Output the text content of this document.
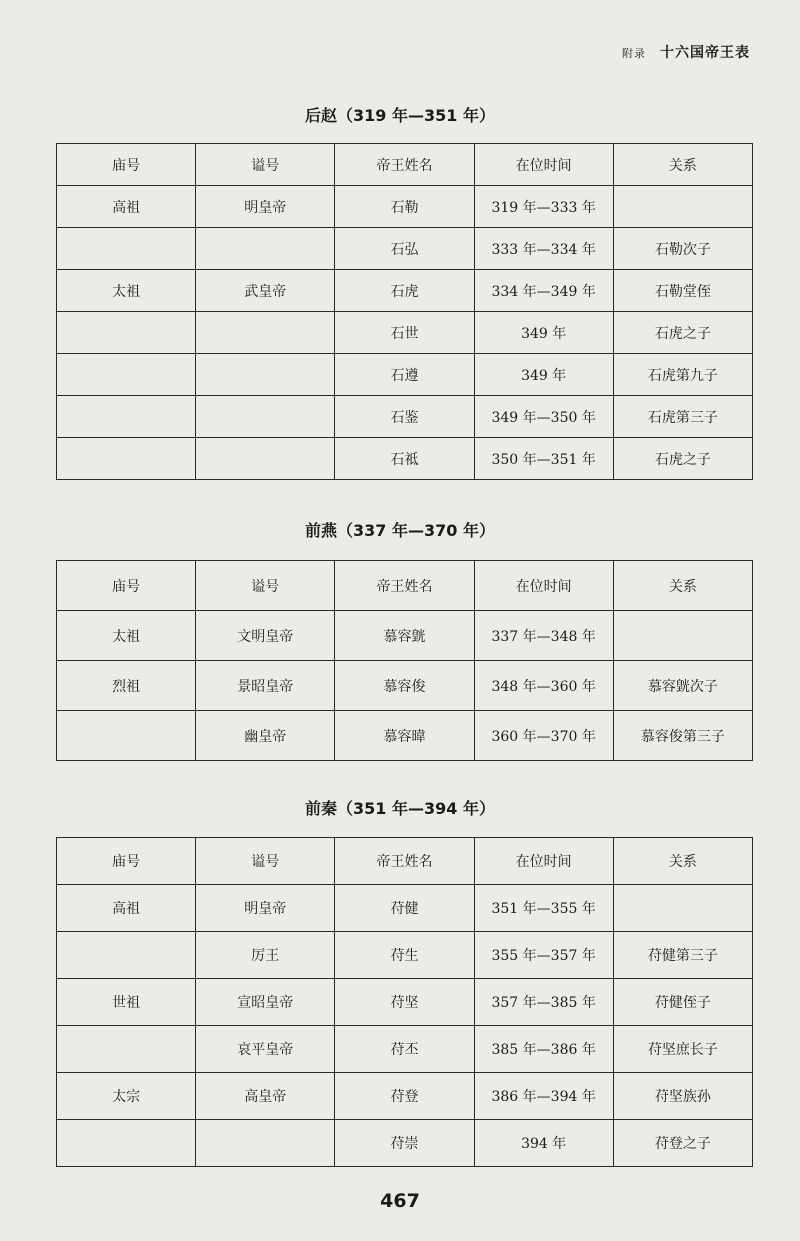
附录 十六国帝王表
后赵（319 年—351 年）
庙号	谥号	帝王姓名	在位时间	关系
高祖	明皇帝	石勒	319 年—333 年	
		石弘	333 年—334 年	石勒次子
太祖	武皇帝	石虎	334 年—349 年	石勒堂侄
		石世	349 年	石虎之子
		石遵	349 年	石虎第九子
		石鉴	349 年—350 年	石虎第三子
		石祗	350 年—351 年	石虎之子
前燕（337 年—370 年）
庙号	谥号	帝王姓名	在位时间	关系
太祖	文明皇帝	慕容皝	337 年—348 年	
烈祖	景昭皇帝	慕容俊	348 年—360 年	慕容皝次子
	幽皇帝	慕容暐	360 年—370 年	慕容俊第三子
前秦（351 年—394 年）
庙号	谥号	帝王姓名	在位时间	关系
高祖	明皇帝	苻健	351 年—355 年	
	厉王	苻生	355 年—357 年	苻健第三子
世祖	宣昭皇帝	苻坚	357 年—385 年	苻健侄子
	哀平皇帝	苻丕	385 年—386 年	苻坚庶长子
太宗	高皇帝	苻登	386 年—394 年	苻坚族孙
		苻崇	394 年	苻登之子
467
